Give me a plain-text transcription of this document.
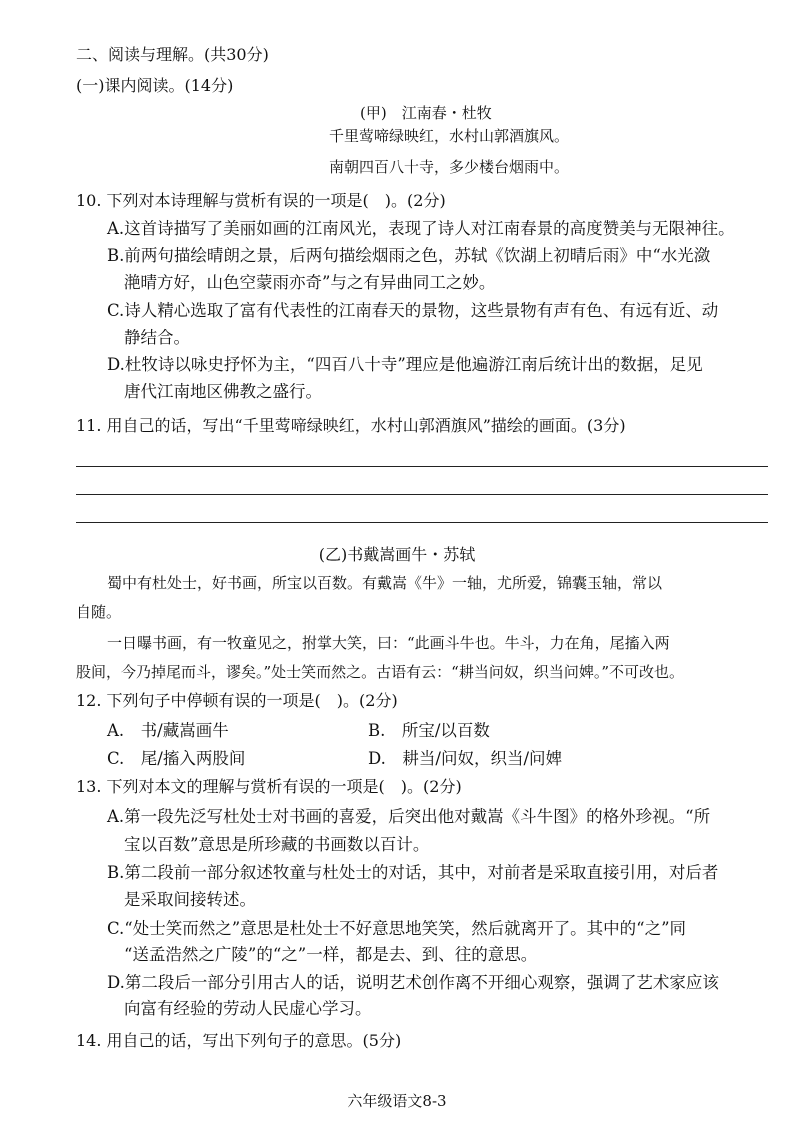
二、阅读与理解。(共30分)
(一)课内阅读。(14分)
(甲)　江南春・杜牧
千里莺啼绿映红，水村山郭酒旗风。
南朝四百八十寺，多少楼台烟雨中。
10. 下列对本诗理解与赏析有误的一项是(　)。(2分)
A.这首诗描写了美丽如画的江南风光，表现了诗人对江南春景的高度赞美与无限神往。
B.前两句描绘晴朗之景，后两句描绘烟雨之色，苏轼《饮湖上初晴后雨》中“水光潋
滟晴方好，山色空蒙雨亦奇”与之有异曲同工之妙。
C.诗人精心选取了富有代表性的江南春天的景物，这些景物有声有色、有远有近、动
静结合。
D.杜牧诗以咏史抒怀为主，“四百八十寺”理应是他遍游江南后统计出的数据，足见
唐代江南地区佛教之盛行。
11. 用自己的话，写出“千里莺啼绿映红，水村山郭酒旗风”描绘的画面。(3分)
(乙)书戴嵩画牛・苏轼
蜀中有杜处士，好书画，所宝以百数。有戴嵩《牛》一轴，尤所爱，锦囊玉轴，常以
自随。
一日曝书画，有一牧童见之，拊掌大笑，曰：“此画斗牛也。牛斗，力在角，尾搐入两
股间，今乃掉尾而斗，谬矣。”处士笑而然之。古语有云：“耕当问奴，织当问婢。”不可改也。
12. 下列句子中停顿有误的一项是(　)。(2分)
A.　书/藏嵩画牛	B.　所宝/以百数
C.　尾/搐入两股间	D.　耕当/问奴，织当/问婢
13. 下列对本文的理解与赏析有误的一项是(　)。(2分)
A.第一段先泛写杜处士对书画的喜爱，后突出他对戴嵩《斗牛图》的格外珍视。“所
宝以百数”意思是所珍藏的书画数以百计。
B.第二段前一部分叙述牧童与杜处士的对话，其中，对前者是采取直接引用，对后者
是采取间接转述。
C.“处士笑而然之”意思是杜处士不好意思地笑笑，然后就离开了。其中的“之”同
“送孟浩然之广陵”的“之”一样，都是去、到、往的意思。
D.第二段后一部分引用古人的话，说明艺术创作离不开细心观察，强调了艺术家应该
向富有经验的劳动人民虚心学习。
14. 用自己的话，写出下列句子的意思。(5分)
六年级语文8-3
